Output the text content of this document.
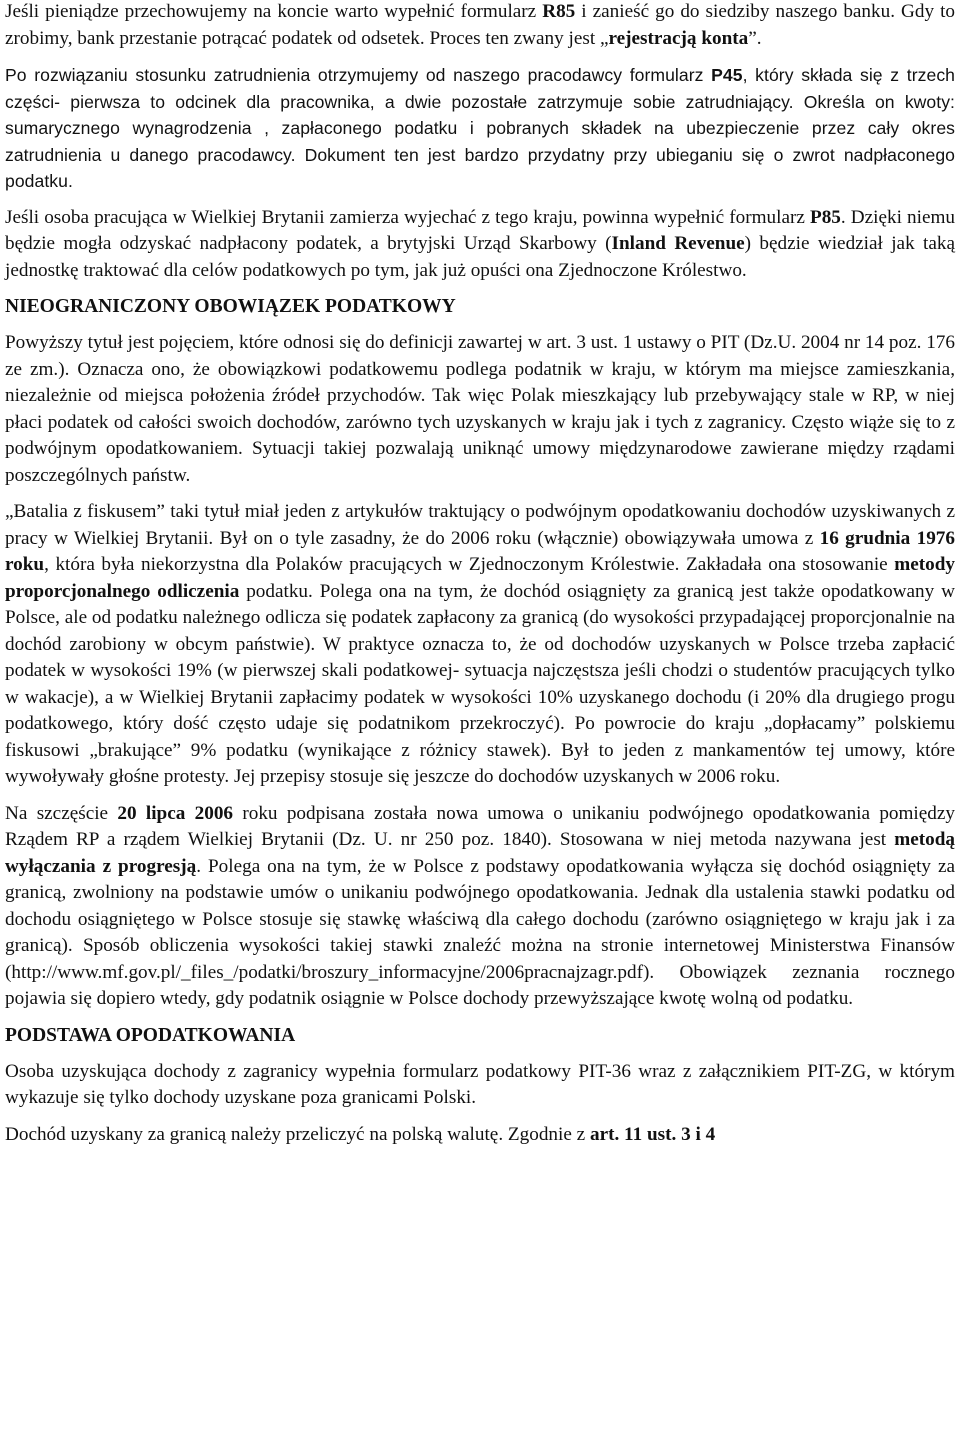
Jeśli pieniądze przechowujemy na koncie warto wypełnić formularz R85 i zanieść go do siedziby naszego banku. Gdy to zrobimy, bank przestanie potrącać podatek od odsetek. Proces ten zwany jest „rejestracją konta”.

Po rozwiązaniu stosunku zatrudnienia otrzymujemy od naszego pracodawcy formularz P45, który składa się z trzech części- pierwsza to odcinek dla pracownika, a dwie pozostałe zatrzymuje sobie zatrudniający. Określa on kwoty: sumarycznego wynagrodzenia , zapłaconego podatku i pobranych składek na ubezpieczenie przez cały okres zatrudnienia u danego pracodawcy. Dokument ten jest bardzo przydatny przy ubieganiu się o zwrot nadpłaconego podatku.

Jeśli osoba pracująca w Wielkiej Brytanii zamierza wyjechać z tego kraju, powinna wypełnić formularz P85. Dzięki niemu będzie mogła odzyskać nadpłacony podatek, a brytyjski Urząd Skarbowy (Inland Revenue) będzie wiedział jak taką jednostkę traktować dla celów podatkowych po tym, jak już opuści ona Zjednoczone Królestwo.

NIEOGRANICZONY OBOWIĄZEK PODATKOWY

Powyższy tytuł jest pojęciem, które odnosi się do definicji zawartej w art. 3 ust. 1 ustawy o PIT (Dz.U. 2004 nr 14 poz. 176 ze zm.). Oznacza ono, że obowiązkowi podatkowemu podlega podatnik w kraju, w którym ma miejsce zamieszkania, niezależnie od miejsca położenia źródeł przychodów. Tak więc Polak mieszkający lub przebywający stale w RP, w niej płaci podatek od całości swoich dochodów, zarówno tych uzyskanych w kraju jak i tych z zagranicy. Często wiąże się to z podwójnym opodatkowaniem. Sytuacji takiej pozwalają uniknąć umowy międzynarodowe zawierane między rządami poszczególnych państw.

„Batalia z fiskusem” taki tytuł miał jeden z artykułów traktujący o podwójnym opodatkowaniu dochodów uzyskiwanych z pracy w Wielkiej Brytanii. Był on o tyle zasadny, że do 2006 roku (włącznie) obowiązywała umowa z 16 grudnia 1976 roku, która była niekorzystna dla Polaków pracujących w Zjednoczonym Królestwie. Zakładała ona stosowanie metody proporcjonalnego odliczenia podatku. Polega ona na tym, że dochód osiągnięty za granicą jest także opodatkowany w Polsce, ale od podatku należnego odlicza się podatek zapłacony za granicą (do wysokości przypadającej proporcjonalnie na dochód zarobiony w obcym państwie). W praktyce oznacza to, że od dochodów uzyskanych w Polsce trzeba zapłacić podatek w wysokości 19% (w pierwszej skali podatkowej- sytuacja najczęstsza jeśli chodzi o studentów pracujących tylko w wakacje), a w Wielkiej Brytanii zapłacimy podatek w wysokości 10% uzyskanego dochodu (i 20% dla drugiego progu podatkowego, który dość często udaje się podatnikom przekroczyć). Po powrocie do kraju „dopłacamy” polskiemu fiskusowi „brakujące” 9% podatku (wynikające z różnicy stawek). Był to jeden z mankamentów tej umowy, które wywoływały głośne protesty. Jej przepisy stosuje się jeszcze do dochodów uzyskanych w 2006 roku.

Na szczęście 20 lipca 2006 roku podpisana została nowa umowa o unikaniu podwójnego opodatkowania pomiędzy Rządem RP a rządem Wielkiej Brytanii (Dz. U. nr 250 poz. 1840). Stosowana w niej metoda nazywana jest metodą wyłączania z progresją. Polega ona na tym, że w Polsce z podstawy opodatkowania wyłącza się dochód osiągnięty za granicą, zwolniony na podstawie umów o unikaniu podwójnego opodatkowania. Jednak dla ustalenia stawki podatku od dochodu osiągniętego w Polsce stosuje się stawkę właściwą dla całego dochodu (zarówno osiągniętego w kraju jak i za granicą). Sposób obliczenia wysokości takiej stawki znaleźć można na stronie internetowej Ministerstwa Finansów (http://www.mf.gov.pl/_files_/podatki/broszury_informacyjne/2006pracnajzagr.pdf). Obowiązek zeznania rocznego pojawia się dopiero wtedy, gdy podatnik osiągnie w Polsce dochody przewyższające kwotę wolną od podatku.

PODSTAWA OPODATKOWANIA

Osoba uzyskująca dochody z zagranicy wypełnia formularz podatkowy PIT-36 wraz z załącznikiem PIT-ZG, w którym wykazuje się tylko dochody uzyskane poza granicami Polski.

Dochód uzyskany za granicą należy przeliczyć na polską walutę. Zgodnie z art. 11 ust. 3 i 4
